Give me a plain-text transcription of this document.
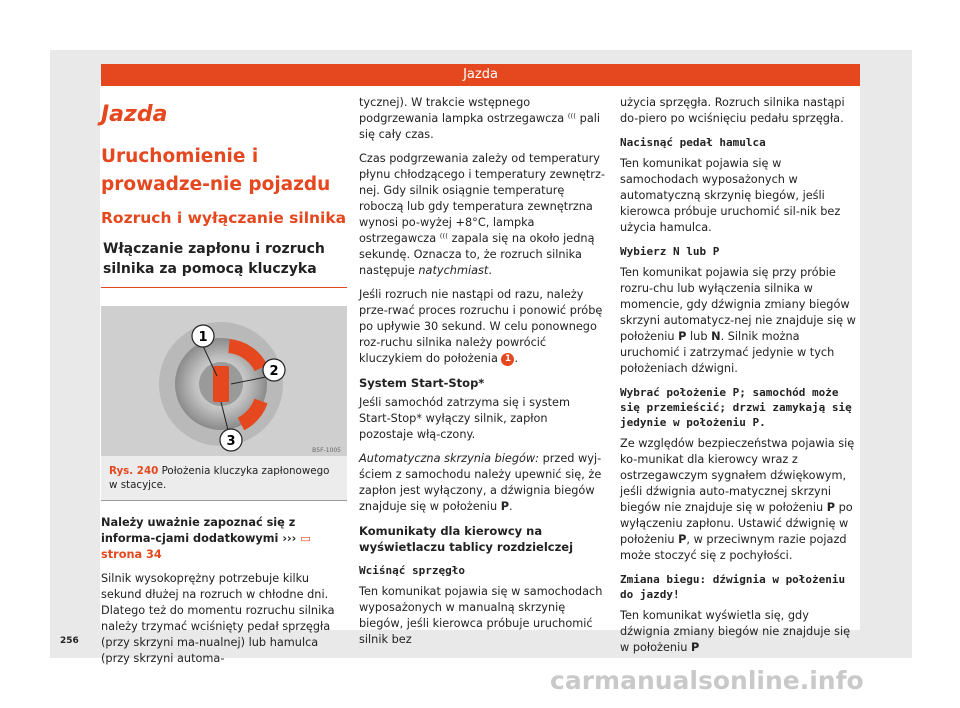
Jazda
Jazda
Uruchomienie i prowadze-nie pojazdu
Rozruch i wyłączanie silnika
Włączanie zapłonu i rozruch silnika za pomocą kluczyka
1
2
3
B5F-1005
Rys. 240 Położenia kluczyka zapłonowego w stacyjce.

Należy uważnie zapoznać się z informa-cjami dodatkowymi ››› ▭ strona 34

Silnik wysokoprężny potrzebuje kilku sekund dłużej na rozruch w chłodne dni. Dlatego też do momentu rozruchu silnika należy trzymać wciśnięty pedał sprzęgła (przy skrzyni ma-nualnej) lub hamulca (przy skrzyni automa-

tycznej). W trakcie wstępnego podgrzewania lampka ostrzegawcza ⁽⁽⁽ pali się cały czas.

Czas podgrzewania zależy od temperatury płynu chłodzącego i temperatury zewnętrz-nej. Gdy silnik osiągnie temperaturę roboczą lub gdy temperatura zewnętrzna wynosi po-wyżej +8°C, lampka ostrzegawcza ⁽⁽⁽ zapala się na około jedną sekundę. Oznacza to, że rozruch silnika następuje natychmiast.

Jeśli rozruch nie nastąpi od razu, należy prze-rwać proces rozruchu i ponowić próbę po upływie 30 sekund. W celu ponownego roz-ruchu silnika należy powrócić kluczykiem do położenia 1 .

System Start-Stop*

Jeśli samochód zatrzyma się i system Start-Stop* wyłączy silnik, zapłon pozostaje włą-czony.

Automatyczna skrzynia biegów: przed wyj-ściem z samochodu należy upewnić się, że zapłon jest wyłączony, a dźwignia biegów znajduje się w położeniu P.

Komunikaty dla kierowcy na wyświetlaczu tablicy rozdzielczej
Wciśnąć sprzęgło

Ten komunikat pojawia się w samochodach wyposażonych w manualną skrzynię biegów, jeśli kierowca próbuje uruchomić silnik bez

użycia sprzęgła. Rozruch silnika nastąpi do-piero po wciśnięciu pedału sprzęgła.

Nacisnąć pedał hamulca

Ten komunikat pojawia się w samochodach wyposażonych w automatyczną skrzynię biegów, jeśli kierowca próbuje uruchomić sil-nik bez użycia hamulca.

Wybierz N lub P

Ten komunikat pojawia się przy próbie rozru-chu lub wyłączenia silnika w momencie, gdy dźwignia zmiany biegów skrzyni automatycz-nej nie znajduje się w położeniu P lub N. Silnik można uruchomić i zatrzymać jedynie w tych położeniach dźwigni.

Wybrać położenie P; samochód może się przemieścić; drzwi zamykają się jedynie w położeniu P.

Ze względów bezpieczeństwa pojawia się ko-munikat dla kierowcy wraz z ostrzegawczym sygnałem dźwiękowym, jeśli dźwignia auto-matycznej skrzyni biegów nie znajduje się w położeniu P po wyłączeniu zapłonu. Ustawić dźwignię w położeniu P, w przeciwnym razie pojazd może stoczyć się z pochyłości.

Zmiana biegu: dźwignia w położeniu do jazdy!

Ten komunikat wyświetla się, gdy dźwignia zmiany biegów nie znajduje się w położeniu P

256
carmanualsonline.info
